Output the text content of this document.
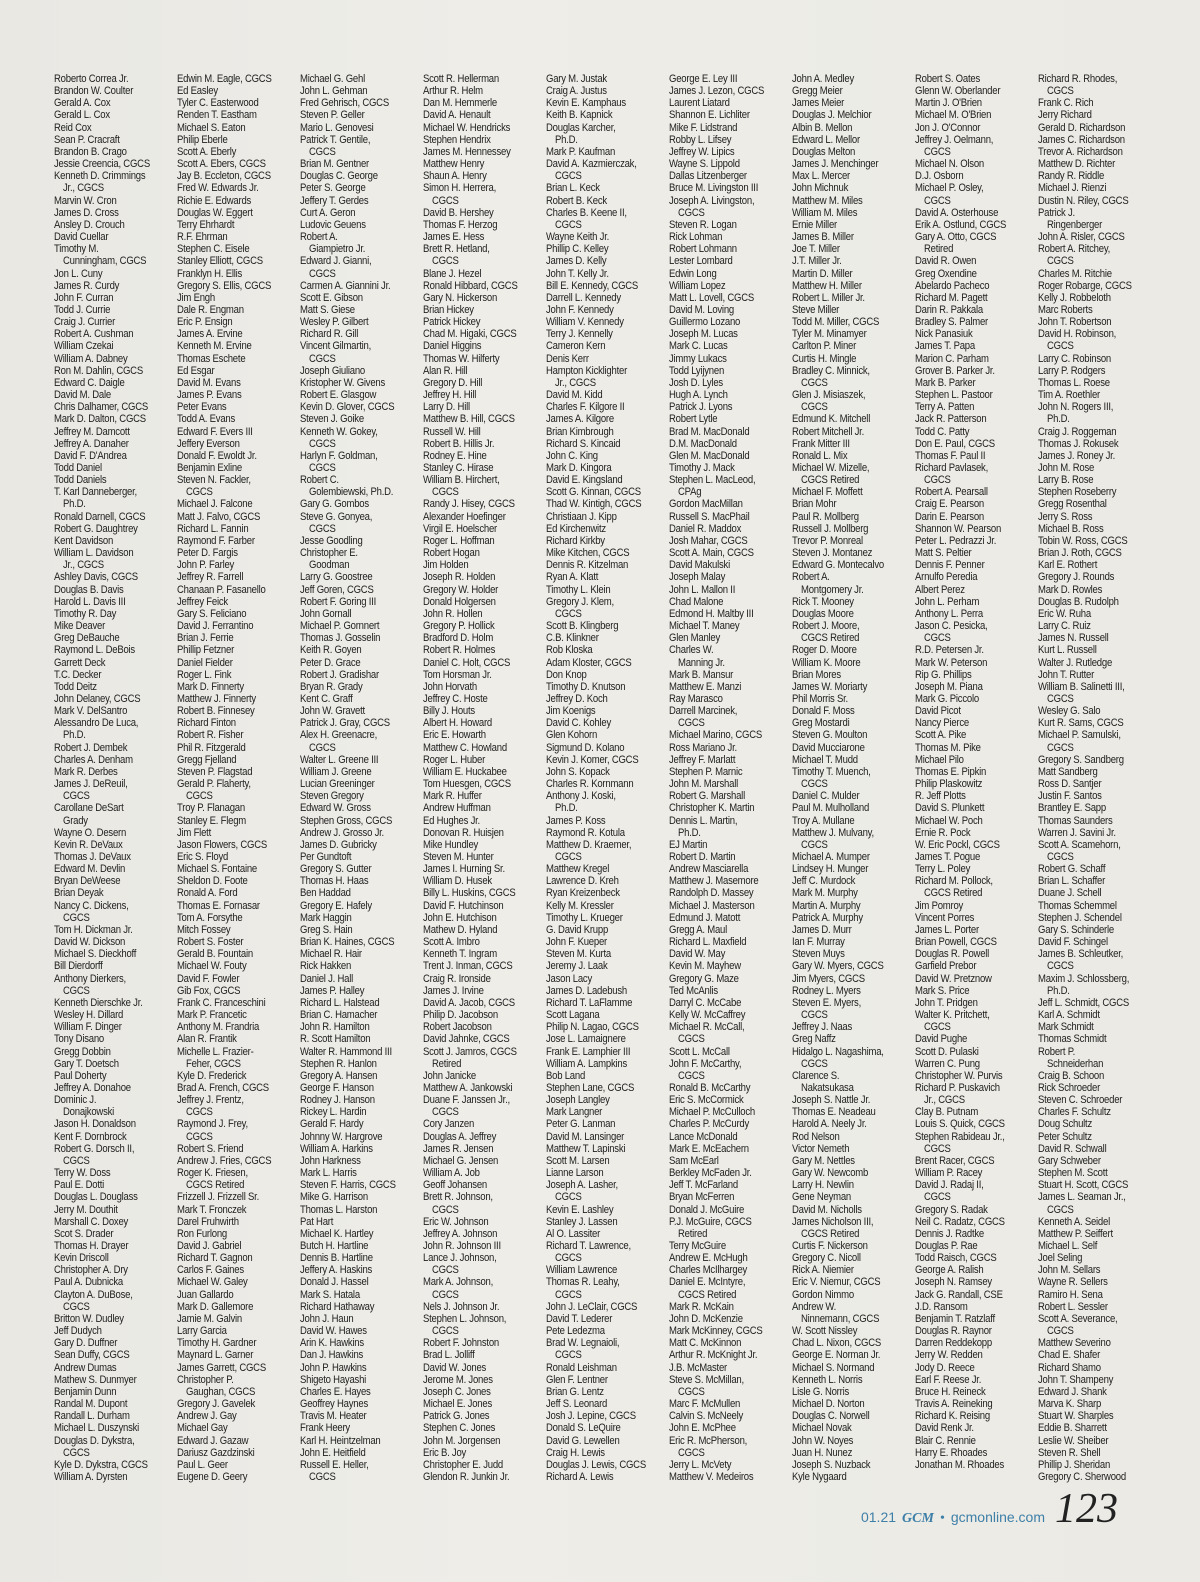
Roberto Correa Jr.
Brandon W. Coulter
Gerald A. Cox
Gerald L. Cox
Reid Cox
Sean P. Cracraft
Brandon B. Crago
Jessie Creencia, CGCS
Kenneth D. Crimmings
Jr., CGCS
Marvin W. Cron
James D. Cross
Ansley D. Crouch
David Cuellar
Timothy M.
Cunningham, CGCS
Jon L. Cuny
James R. Curdy
John F. Curran
Todd J. Currie
Craig J. Currier
Robert A. Cushman
William Czekai
William A. Dabney
Ron M. Dahlin, CGCS
Edward C. Daigle
David M. Dale
Chris Dalhamer, CGCS
Mark D. Dalton, CGCS
Jeffrey M. Damcott
Jeffrey A. Danaher
David F. D'Andrea
Todd Daniel
Todd Daniels
T. Karl Danneberger,
Ph.D.
Ronald Darnell, CGCS
Robert G. Daughtrey
Kent Davidson
William L. Davidson
Jr., CGCS
Ashley Davis, CGCS
Douglas B. Davis
Harold L. Davis III
Timothy R. Day
Mike Deaver
Greg DeBauche
Raymond L. DeBois
Garrett Deck
T.C. Decker
Todd Deitz
John Delaney, CGCS
Mark V. DelSantro
Alessandro De Luca,
Ph.D.
Robert J. Dembek
Charles A. Denham
Mark R. Derbes
James J. DeReuil,
CGCS
Carollane DeSart
Grady
Wayne O. Desern
Kevin R. DeVaux
Thomas J. DeVaux
Edward M. Devlin
Bryan DeWeese
Brian Deyak
Nancy C. Dickens,
CGCS
Tom H. Dickman Jr.
David W. Dickson
Michael S. Dieckhoff
Bill Dierdorff
Anthony Dierkers,
CGCS
Kenneth Dierschke Jr.
Wesley H. Dillard
William F. Dinger
Tony Disano
Gregg Dobbin
Gary T. Doetsch
Paul Doherty
Jeffrey A. Donahoe
Dominic J.
Donajkowski
Jason H. Donaldson
Kent F. Dornbrock
Robert G. Dorsch II,
CGCS
Terry W. Doss
Paul E. Dotti
Douglas L. Douglass
Jerry M. Douthit
Marshall C. Doxey
Scot S. Drader
Thomas H. Drayer
Kevin Driscoll
Christopher A. Dry
Paul A. Dubnicka
Clayton A. DuBose,
CGCS
Britton W. Dudley
Jeff Dudych
Gary D. Duffner
Sean Duffy, CGCS
Andrew Dumas
Mathew S. Dunmyer
Benjamin Dunn
Randal M. Dupont
Randall L. Durham
Michael L. Duszynski
Douglas D. Dykstra,
CGCS
Kyle D. Dykstra, CGCS
William A. Dyrsten
Edwin M. Eagle, CGCS
Ed Easley
Tyler C. Easterwood
Renden T. Eastham
Michael S. Eaton
Philip Eberle
Scott A. Eberly
Scott A. Ebers, CGCS
Jay B. Eccleton, CGCS
Fred W. Edwards Jr.
Richie E. Edwards
Douglas W. Eggert
Terry Ehrhardt
R.F. Ehrman
Stephen C. Eisele
Stanley Elliott, CGCS
Franklyn H. Ellis
Gregory S. Ellis, CGCS
Jim Engh
Dale R. Engman
Eric P. Ensign
James A. Ervine
Kenneth M. Ervine
Thomas Eschete
Ed Esgar
David M. Evans
James P. Evans
Peter Evans
Todd A. Evans
Edward F. Evers III
Jeffery Everson
Donald F. Ewoldt Jr.
Benjamin Exline
Steven N. Fackler,
CGCS
Michael J. Falcone
Matt J. Falvo, CGCS
Richard L. Fannin
Raymond F. Farber
Peter D. Fargis
John P. Farley
Jeffrey R. Farrell
Chanaan P. Fasanello
Jeffrey Feick
Gary S. Feliciano
David J. Ferrantino
Brian J. Ferrie
Phillip Fetzner
Daniel Fielder
Roger L. Fink
Mark D. Finnerty
Matthew J. Finnerty
Robert B. Finnesey
Richard Finton
Robert R. Fisher
Phil R. Fitzgerald
Gregg Fjelland
Steven P. Flagstad
Gerald P. Flaherty,
CGCS
Troy P. Flanagan
Stanley E. Flegm
Jim Flett
Jason Flowers, CGCS
Eric S. Floyd
Michael S. Fontaine
Sheldon D. Foote
Ronald A. Ford
Thomas E. Fornasar
Tom A. Forsythe
Mitch Fossey
Robert S. Foster
Gerald B. Fountain
Michael W. Fouty
David F. Fowler
Gib Fox, CGCS
Frank C. Franceschini
Mark P. Francetic
Anthony M. Frandria
Alan R. Frantik
Michelle L. Frazier-
Feher, CGCS
Kyle D. Frederick
Brad A. French, CGCS
Jeffrey J. Frentz,
CGCS
Raymond J. Frey,
CGCS
Robert S. Friend
Andrew J. Fries, CGCS
Roger K. Friesen,
CGCS Retired
Frizzell J. Frizzell Sr.
Mark T. Fronczek
Darel Fruhwirth
Ron Furlong
David J. Gabriel
Richard T. Gagnon
Carlos F. Gaines
Michael W. Galey
Juan Gallardo
Mark D. Gallemore
Jamie M. Galvin
Larry Garcia
Timothy H. Gardner
Maynard L. Garner
James Garrett, CGCS
Christopher P.
Gaughan, CGCS
Gregory J. Gavelek
Andrew J. Gay
Michael Gay
Edward J. Gazaw
Dariusz Gazdzinski
Paul L. Geer
Eugene D. Geery
Michael G. Gehl
John L. Gehman
Fred Gehrisch, CGCS
Steven P. Geller
Mario L. Genovesi
Patrick T. Gentile,
CGCS
Brian M. Gentner
Douglas C. George
Peter S. George
Jeffery T. Gerdes
Curt A. Geron
Ludovic Geuens
Robert A.
Giampietro Jr.
Edward J. Gianni,
CGCS
Carmen A. Giannini Jr.
Scott E. Gibson
Matt S. Giese
Wesley P. Gilbert
Richard R. Gill
Vincent Gilmartin,
CGCS
Joseph Giuliano
Kristopher W. Givens
Robert E. Glasgow
Kevin D. Glover, CGCS
Steven J. Goike
Kenneth W. Gokey,
CGCS
Harlyn F. Goldman,
CGCS
Robert C.
Golembiewski, Ph.D.
Gary G. Gombos
Steve G. Gonyea,
CGCS
Jesse Goodling
Christopher E.
Goodman
Larry G. Goostree
Jeff Goren, CGCS
Robert F. Goring III
John Gornall
Michael P. Gornnert
Thomas J. Gosselin
Keith R. Goyen
Peter D. Grace
Robert J. Gradishar
Bryan R. Grady
Kent C. Graff
John W. Gravett
Patrick J. Gray, CGCS
Alex H. Greenacre,
CGCS
Walter L. Greene III
William J. Greene
Lucian Greeninger
Steven Gregory
Edward W. Gross
Stephen Gross, CGCS
Andrew J. Grosso Jr.
James D. Gubricky
Per Gundtoft
Gregory S. Gutter
Thomas H. Haas
Ben Haddad
Gregory E. Hafely
Mark Haggin
Greg S. Hain
Brian K. Haines, CGCS
Michael R. Hair
Rick Hakken
Daniel J. Hall
James P. Halley
Richard L. Halstead
Brian C. Hamacher
John R. Hamilton
R. Scott Hamilton
Walter R. Hammond III
Stephen R. Hanlon
Gregory A. Hansen
George F. Hanson
Rodney J. Hanson
Rickey L. Hardin
Gerald F. Hardy
Johnny W. Hargrove
William A. Harkins
John Harkness
Mark L. Harris
Steven F. Harris, CGCS
Mike G. Harrison
Thomas L. Harston
Pat Hart
Michael K. Hartley
Butch H. Hartline
Dennis B. Hartline
Jeffery A. Haskins
Donald J. Hassel
Mark S. Hatala
Richard Hathaway
John J. Haun
David W. Hawes
Arin K. Hawkins
Dan J. Hawkins
John P. Hawkins
Shigeto Hayashi
Charles E. Hayes
Geoffrey Haynes
Travis M. Heater
Frank Heery
Karl H. Heintzelman
John E. Heitfield
Russell E. Heller,
CGCS
Scott R. Hellerman
Arthur R. Helm
Dan M. Hemmerle
David A. Henault
Michael W. Hendricks
Stephen Hendrix
James M. Hennessey
Matthew Henry
Shaun A. Henry
Simon H. Herrera,
CGCS
David B. Hershey
Thomas F. Herzog
James E. Hess
Brett R. Hetland,
CGCS
Blane J. Hezel
Ronald Hibbard, CGCS
Gary N. Hickerson
Brian Hickey
Patrick Hickey
Chad M. Higaki, CGCS
Daniel Higgins
Thomas W. Hilferty
Alan R. Hill
Gregory D. Hill
Jeffrey H. Hill
Larry D. Hill
Matthew B. Hill, CGCS
Russell W. Hill
Robert B. Hillis Jr.
Rodney E. Hine
Stanley C. Hirase
William B. Hirchert,
CGCS
Randy J. Hisey, CGCS
Alexander Hoefinger
Virgil E. Hoelscher
Roger L. Hoffman
Robert Hogan
Jim Holden
Joseph R. Holden
Gregory W. Holder
Donald Holgersen
John R. Hollen
Gregory P. Hollick
Bradford D. Holm
Robert R. Holmes
Daniel C. Holt, CGCS
Tom Horsman Jr.
John Horvath
Jeffrey C. Hoste
Billy J. Houts
Albert H. Howard
Eric E. Howarth
Matthew C. Howland
Roger L. Huber
William E. Huckabee
Tom Huesgen, CGCS
Mark R. Huffer
Andrew Huffman
Ed Hughes Jr.
Donovan R. Huisjen
Mike Hundley
Steven M. Hunter
James I. Hurning Sr.
William D. Husek
Billy L. Huskins, CGCS
David F. Hutchinson
John E. Hutchison
Mathew D. Hyland
Scott A. Imbro
Kenneth T. Ingram
Trent J. Inman, CGCS
Craig R. Ironside
James J. Irvine
David A. Jacob, CGCS
Philip D. Jacobson
Robert Jacobson
David Jahnke, CGCS
Scott J. Jamros, CGCS
Retired
John Janicke
Matthew A. Jankowski
Duane F. Janssen Jr.,
CGCS
Cory Janzen
Douglas A. Jeffrey
James R. Jensen
Michael G. Jensen
William A. Job
Geoff Johansen
Brett R. Johnson,
CGCS
Eric W. Johnson
Jeffrey A. Johnson
John R. Johnson III
Lance J. Johnson,
CGCS
Mark A. Johnson,
CGCS
Nels J. Johnson Jr.
Stephen L. Johnson,
CGCS
Robert F. Johnston
Brad L. Jolliff
David W. Jones
Jerome M. Jones
Joseph C. Jones
Michael E. Jones
Patrick G. Jones
Stephen C. Jones
John M. Jorgensen
Eric B. Joy
Christopher E. Judd
Glendon R. Junkin Jr.
Gary M. Justak
Craig A. Justus
Kevin E. Kamphaus
Keith B. Kapnick
Douglas Karcher,
Ph.D.
Mark P. Kaufman
David A. Kazmierczak,
CGCS
Brian L. Keck
Robert B. Keck
Charles B. Keene II,
CGCS
Wayne Keith Jr.
Phillip C. Kelley
James D. Kelly
John T. Kelly Jr.
Bill E. Kennedy, CGCS
Darrell L. Kennedy
John F. Kennedy
William V. Kennedy
Terry J. Kennelly
Cameron Kern
Denis Kerr
Hampton Kicklighter
Jr., CGCS
David M. Kidd
Charles F. Kilgore II
James A. Kilgore
Brian Kimbrough
Richard S. Kincaid
John C. King
Mark D. Kingora
David E. Kingsland
Scott G. Kinnan, CGCS
Thad W. Kintigh, CGCS
Christiaan J. Kipp
Ed Kirchenwitz
Richard Kirkby
Mike Kitchen, CGCS
Dennis R. Kitzelman
Ryan A. Klatt
Timothy L. Klein
Gregory J. Klem,
CGCS
Scott B. Klingberg
C.B. Klinkner
Rob Kloska
Adam Kloster, CGCS
Don Knop
Timothy D. Knutson
Jeffrey D. Koch
Jim Koenigs
David C. Kohley
Glen Kohorn
Sigmund D. Kolano
Kevin J. Komer, CGCS
John S. Kopack
Charles R. Kornmann
Anthony J. Koski,
Ph.D.
James P. Koss
Raymond R. Kotula
Matthew D. Kraemer,
CGCS
Matthew Kregel
Lawrence D. Kreh
Ryan Kreizenbeck
Kelly M. Kressler
Timothy L. Krueger
G. David Krupp
John F. Kueper
Steven M. Kurta
Jeremy J. Laak
Jason Lacy
James D. Ladebush
Richard T. LaFlamme
Scott Lagana
Philip N. Lagao, CGCS
Jose L. Lamaignere
Frank E. Lamphier III
William A. Lampkins
Bob Land
Stephen Lane, CGCS
Joseph Langley
Mark Langner
Peter G. Lanman
David M. Lansinger
Matthew T. Lapinski
Scott M. Larsen
Lianne Larson
Joseph A. Lasher,
CGCS
Kevin E. Lashley
Stanley J. Lassen
Al O. Lassiter
Richard T. Lawrence,
CGCS
William Lawrence
Thomas R. Leahy,
CGCS
John J. LeClair, CGCS
David T. Lederer
Pete Ledezma
Brad W. Legnaioli,
CGCS
Ronald Leishman
Glen F. Lentner
Brian G. Lentz
Jeff S. Leonard
Josh J. Lepine, CGCS
Donald S. LeQuire
David G. Lewellen
Craig H. Lewis
Douglas J. Lewis, CGCS
Richard A. Lewis
George E. Ley III
James J. Lezon, CGCS
Laurent Liatard
Shannon E. Lichliter
Mike F. Lidstrand
Robby L. Lifsey
Jeffrey W. Lipics
Wayne S. Lippold
Dallas Litzenberger
Bruce M. Livingston III
Joseph A. Livingston,
CGCS
Steven R. Logan
Rick Lohman
Robert Lohmann
Lester Lombard
Edwin Long
William Lopez
Matt L. Lovell, CGCS
David M. Loving
Guillermo Lozano
Joseph M. Lucas
Mark C. Lucas
Jimmy Lukacs
Todd Lyijynen
Josh D. Lyles
Hugh A. Lynch
Patrick J. Lyons
Robert Lytle
Brad M. MacDonald
D.M. MacDonald
Glen M. MacDonald
Timothy J. Mack
Stephen L. MacLeod,
CPAg
Gordon MacMillan
Russell S. MacPhail
Daniel R. Maddox
Josh Mahar, CGCS
Scott A. Main, CGCS
David Makulski
Joseph Malay
John L. Mallon II
Chad Malone
Edmond H. Maltby III
Michael T. Maney
Glen Manley
Charles W.
Manning Jr.
Mark B. Mansur
Matthew E. Manzi
Ray Marasco
Darrell Marcinek,
CGCS
Michael Marino, CGCS
Ross Mariano Jr.
Jeffrey F. Marlatt
Stephen P. Marnic
John M. Marshall
Robert G. Marshall
Christopher K. Martin
Dennis L. Martin,
Ph.D.
EJ Martin
Robert D. Martin
Andrew Masciarella
Matthew J. Masemore
Randolph D. Massey
Michael J. Masterson
Edmund J. Matott
Gregg A. Maul
Richard L. Maxfield
David W. May
Kevin M. Mayhew
Gregory G. Maze
Ted McAnlis
Darryl C. McCabe
Kelly W. McCaffrey
Michael R. McCall,
CGCS
Scott L. McCall
John F. McCarthy,
CGCS
Ronald B. McCarthy
Eric S. McCormick
Michael P. McCulloch
Charles P. McCurdy
Lance McDonald
Mark E. McEachern
Sam McEarl
Berkley McFaden Jr.
Jeff T. McFarland
Bryan McFerren
Donald J. McGuire
P.J. McGuire, CGCS
Retired
Terry McGuire
Andrew E. McHugh
Charles McIlhargey
Daniel E. McIntyre,
CGCS Retired
Mark R. McKain
John D. McKenzie
Mark McKinney, CGCS
Matt C. McKinnon
Arthur R. McKnight Jr.
J.B. McMaster
Steve S. McMillan,
CGCS
Marc F. McMullen
Calvin S. McNeely
John E. McPhee
Eric R. McPherson,
CGCS
Jerry L. McVety
Matthew V. Medeiros
John A. Medley
Gregg Meier
James Meier
Douglas J. Melchior
Albin B. Mellon
Edward L. Mellor
Douglas Melton
James J. Menchinger
Max L. Mercer
John Michnuk
Matthew M. Miles
William M. Miles
Ernie Miller
James B. Miller
Joe T. Miller
J.T. Miller Jr.
Martin D. Miller
Matthew H. Miller
Robert L. Miller Jr.
Steve Miller
Todd M. Miller, CGCS
Tyler M. Minamyer
Carlton P. Miner
Curtis H. Mingle
Bradley C. Minnick,
CGCS
Glen J. Misiaszek,
CGCS
Edmund K. Mitchell
Robert Mitchell Jr.
Frank Mitter III
Ronald L. Mix
Michael W. Mizelle,
CGCS Retired
Michael F. Moffett
Brian Mohr
Paul R. Mollberg
Russell J. Mollberg
Trevor P. Monreal
Steven J. Montanez
Edward G. Montecalvo
Robert A.
Montgomery Jr.
Rick T. Mooney
Douglas Moore
Robert J. Moore,
CGCS Retired
Roger D. Moore
William K. Moore
Brian Mores
James W. Moriarty
Phil Morris Sr.
Donald F. Moss
Greg Mostardi
Steven G. Moulton
David Mucciarone
Michael T. Mudd
Timothy T. Muench,
CGCS
Daniel C. Mulder
Paul M. Mulholland
Troy A. Mullane
Matthew J. Mulvany,
CGCS
Michael A. Mumper
Lindsey H. Munger
Jeff C. Murdock
Mark M. Murphy
Martin A. Murphy
Patrick A. Murphy
James D. Murr
Ian F. Murray
Steven Muys
Gary W. Myers, CGCS
Jim Myers, CGCS
Rodney L. Myers
Steven E. Myers,
CGCS
Jeffrey J. Naas
Greg Naffz
Hidalgo L. Nagashima,
CGCS
Clarence S.
Nakatsukasa
Joseph S. Nattle Jr.
Thomas E. Neadeau
Harold A. Neely Jr.
Rod Nelson
Victor Nemeth
Gary M. Nettles
Gary W. Newcomb
Larry H. Newlin
Gene Neyman
David M. Nicholls
James Nicholson III,
CGCS Retired
Curtis F. Nickerson
Gregory C. Nicoll
Rick A. Niemier
Eric V. Niemur, CGCS
Gordon Nimmo
Andrew W.
Ninnemann, CGCS
W. Scott Nissley
Chad L. Nixon, CGCS
George E. Norman Jr.
Michael S. Normand
Kenneth L. Norris
Lisle G. Norris
Michael D. Norton
Douglas C. Norwell
Michael Novak
John W. Noyes
Juan H. Nunez
Joseph S. Nuzback
Kyle Nygaard
Robert S. Oates
Glenn W. Oberlander
Martin J. O'Brien
Michael M. O'Brien
Jon J. O'Connor
Jeffrey J. Oelmann,
CGCS
Michael N. Olson
D.J. Osborn
Michael P. Osley,
CGCS
David A. Osterhouse
Erik A. Ostlund, CGCS
Gary A. Otto, CGCS
Retired
David R. Owen
Greg Oxendine
Abelardo Pacheco
Richard M. Pagett
Darin R. Pakkala
Bradley S. Palmer
Nick Panasiuk
James T. Papa
Marion C. Parham
Grover B. Parker Jr.
Mark B. Parker
Stephen L. Pastoor
Terry A. Patten
Jack R. Patterson
Todd C. Patty
Don E. Paul, CGCS
Thomas F. Paul II
Richard Pavlasek,
CGCS
Robert A. Pearsall
Craig E. Pearson
Darin E. Pearson
Shannon W. Pearson
Peter L. Pedrazzi Jr.
Matt S. Peltier
Dennis F. Penner
Arnulfo Peredia
Albert Perez
John L. Perham
Anthony L. Perra
Jason C. Pesicka,
CGCS
R.D. Petersen Jr.
Mark W. Peterson
Rip G. Phillips
Joseph M. Piana
Mark G. Piccolo
David Picot
Nancy Pierce
Scott A. Pike
Thomas M. Pike
Michael Pilo
Thomas E. Pipkin
Philip Plaskowitz
R. Jeff Plotts
David S. Plunkett
Michael W. Poch
Ernie R. Pock
W. Eric Pockl, CGCS
James T. Pogue
Terry L. Poley
Richard M. Pollock,
CGCS Retired
Jim Pomroy
Vincent Porres
James L. Porter
Brian Powell, CGCS
Douglas R. Powell
Garfield Prebor
David W. Pretznow
Mark S. Price
John T. Pridgen
Walter K. Pritchett,
CGCS
David Pughe
Scott D. Pulaski
Warren C. Pung
Christopher W. Purvis
Richard P. Puskavich
Jr., CGCS
Clay B. Putnam
Louis S. Quick, CGCS
Stephen Rabideau Jr.,
CGCS
Brent Racer, CGCS
William P. Racey
David J. Radaj II,
CGCS
Gregory S. Radak
Neil C. Radatz, CGCS
Dennis J. Radtke
Douglas P. Rae
Todd Raisch, CGCS
George A. Ralish
Joseph N. Ramsey
Jack G. Randall, CSE
J.D. Ransom
Benjamin T. Ratzlaff
Douglas R. Raynor
Darren Reddekopp
Jerry W. Redden
Jody D. Reece
Earl F. Reese Jr.
Bruce H. Reineck
Travis A. Reineking
Richard K. Reising
David Renk Jr.
Blair C. Rennie
Harry E. Rhoades
Jonathan M. Rhoades
Richard R. Rhodes,
CGCS
Frank C. Rich
Jerry Richard
Gerald D. Richardson
James C. Richardson
Trevor A. Richardson
Matthew D. Richter
Randy R. Riddle
Michael J. Rienzi
Dustin N. Riley, CGCS
Patrick J.
Ringenberger
John A. Risler, CGCS
Robert A. Ritchey,
CGCS
Charles M. Ritchie
Roger Robarge, CGCS
Kelly J. Robbeloth
Marc Roberts
John T. Robertson
David H. Robinson,
CGCS
Larry C. Robinson
Larry P. Rodgers
Thomas L. Roese
Tim A. Roethler
John N. Rogers III,
Ph.D.
Craig J. Roggeman
Thomas J. Rokusek
James J. Roney Jr.
John M. Rose
Larry B. Rose
Stephen Roseberry
Gregg Rosenthal
Jerry S. Ross
Michael B. Ross
Tobin W. Ross, CGCS
Brian J. Roth, CGCS
Karl E. Rothert
Gregory J. Rounds
Mark D. Rowles
Douglas B. Rudolph
Eric W. Ruha
Larry C. Ruiz
James N. Russell
Kurt L. Russell
Walter J. Rutledge
John T. Rutter
William B. Salinetti III,
CGCS
Wesley G. Salo
Kurt R. Sams, CGCS
Michael P. Samulski,
CGCS
Gregory S. Sandberg
Matt Sandberg
Ross D. Santjer
Justin F. Santos
Brantley E. Sapp
Thomas Saunders
Warren J. Savini Jr.
Scott A. Scamehorn,
CGCS
Robert G. Schaff
Brian L. Schaffer
Duane J. Schell
Thomas Schemmel
Stephen J. Schendel
Gary S. Schinderle
David F. Schingel
James B. Schleutker,
CGCS
Maxim J. Schlossberg,
Ph.D.
Jeff L. Schmidt, CGCS
Karl A. Schmidt
Mark Schmidt
Thomas Schmidt
Robert P.
Schneiderhan
Craig B. Schoon
Rick Schroeder
Steven C. Schroeder
Charles F. Schultz
Doug Schultz
Peter Schultz
David R. Schwall
Gary Schweber
Stephen M. Scott
Stuart H. Scott, CGCS
James L. Seaman Jr.,
CGCS
Kenneth A. Seidel
Matthew P. Seiffert
Michael L. Self
Joel Seling
John M. Sellars
Wayne R. Sellers
Ramiro H. Sena
Robert L. Sessler
Scott A. Severance,
CGCS
Matthew Severino
Chad E. Shafer
Richard Shamo
John T. Shampeny
Edward J. Shank
Marva K. Sharp
Stuart W. Sharples
Eddie B. Sharrett
Leslie W. Sheiber
Steven R. Shell
Phillip J. Sheridan
Gregory C. Sherwood
01.21 GCM • gcmonline.com 123
